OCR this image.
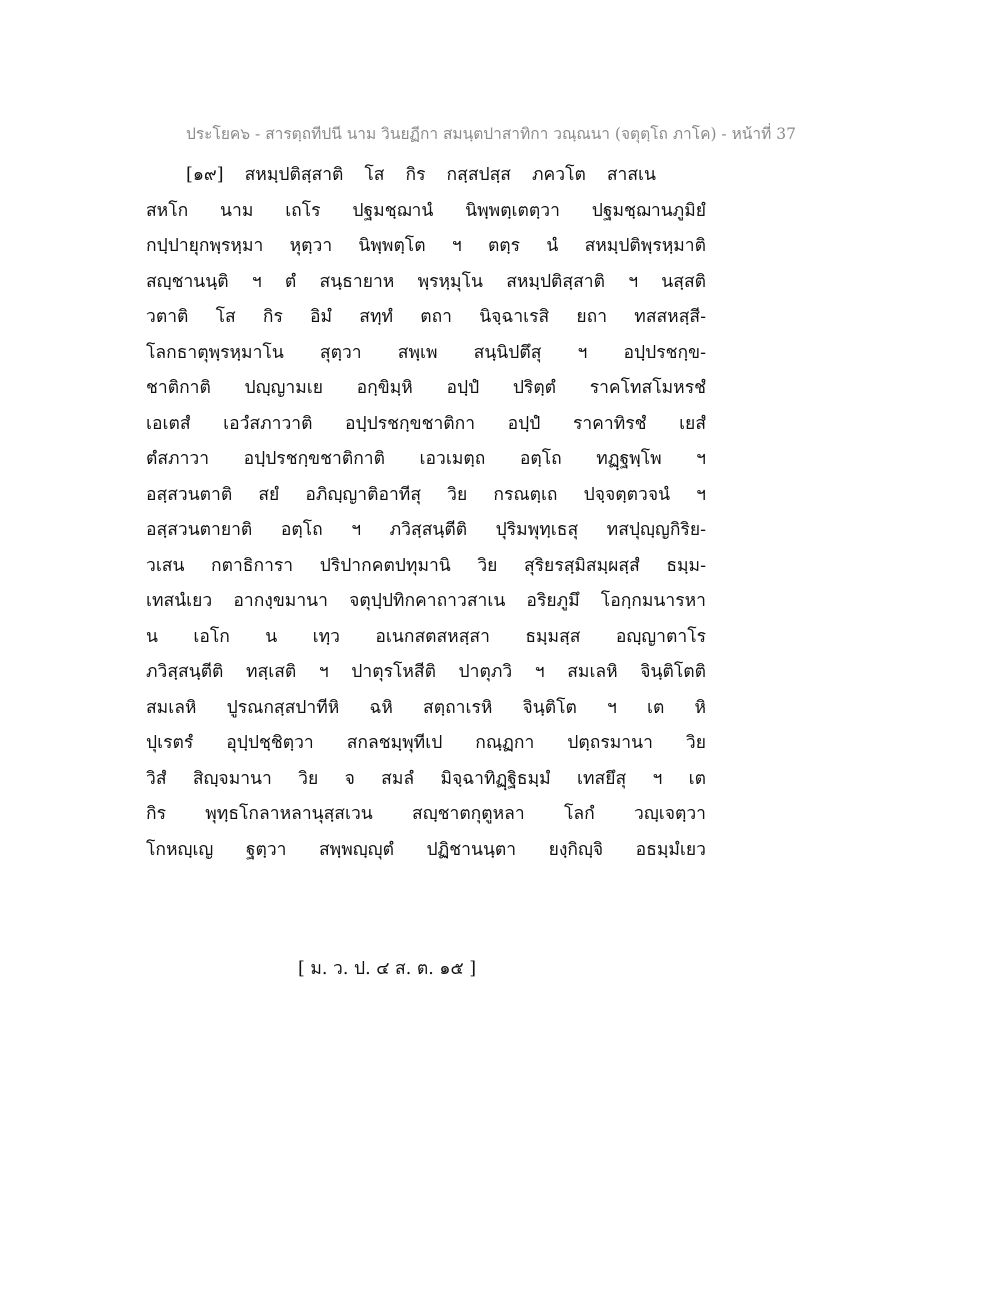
ประโยค๖ - สารตฺถทีปนี นาม วินยฏีกา สมนฺตปาสาทิกา วณฺณนา (จตุตฺโถ ภาโค) - หน้าที่ 37
[๑๙] สหมฺปติสฺสาติ โส กิร กสฺสปสฺส ภควโต สาสเน
สหโก นาม เถโร ปฐมชฺฌานํ นิพฺพตฺเตตฺวา ปฐมชฺฌานภูมิยํ
กปฺปายุกพฺรหฺมา หุตฺวา นิพฺพตฺโต ฯ ตตฺร นํ สหมฺปติพฺรหฺมาติ
สญฺชานนฺติ ฯ ตํ สนฺธายาห พฺรหฺมุโน สหมฺปติสฺสาติ ฯ นสฺสติ
วตาติ โส กิร อิมํ สทฺทํ ตถา นิจฺฉาเรสิ ยถา ทสสหสฺสี-
โลกธาตุพฺรหฺมาโน สุตฺวา สพฺเพ สนฺนิปตึสุ ฯ อปฺปรชกฺข-
ชาติกาติ ปญฺญามเย อกฺขิมฺหิ อปฺปํ ปริตฺตํ ราคโทสโมหรชํ
เอเตสํ เอวํสภาวาติ อปฺปรชกฺขชาติกา อปฺปํ ราคาทิรชํ เยสํ
ตํสภาวา อปฺปรชกฺขชาติกาติ เอวเมตฺถ อตฺโถ ทฏฺฐพฺโพ ฯ
อสฺสวนตาติ สยํ อภิญฺญาติอาทีสุ วิย กรณตฺเถ ปจฺจตฺตวจนํ ฯ
อสฺสวนตายาติ อตฺโถ ฯ ภวิสฺสนฺตีติ ปุริมพุทฺเธสุ ทสปุญฺญกิริย-
วเสน กตาธิการา ปริปากคตปทุมานิ วิย สุริยรสฺมิสมฺผสฺสํ ธมฺม-
เทสนํเยว อากงฺขมานา จตุปฺปทิกคาถาวสาเน อริยภูมึ โอกฺกมนารหา
น เอโก น เทฺว อเนกสตสหสฺสา ธมฺมสฺส อญฺญาตาโร
ภวิสฺสนฺตีติ ทสฺเสติ ฯ ปาตุรโหสีติ ปาตุภวิ ฯ สมเลหิ จินฺติโตติ
สมเลหิ ปูรณกสฺสปาทีหิ ฉหิ สตฺถาเรหิ จินฺติโต ฯ เต หิ
ปุเรตรํ อุปฺปชฺชิตฺวา สกลชมฺพุทีเป กณฺฏกา ปตฺถรมานา วิย
วิสํ สิญฺจมานา วิย จ สมลํ มิจฺฉาทิฏฺฐิธมฺมํ เทสยึสุ ฯ เต
กิร พุทฺธโกลาหลานุสฺสเวน สญฺชาตกุตูหลา โลกํ วญฺเจตฺวา
โกหญฺเญ ฐตฺวา สพฺพญฺญุตํ ปฏิชานนฺตา ยงฺกิญฺจิ อธมฺมํเยว
[ ม. ว. ป. ๔ ส. ต. ๑๕ ]
